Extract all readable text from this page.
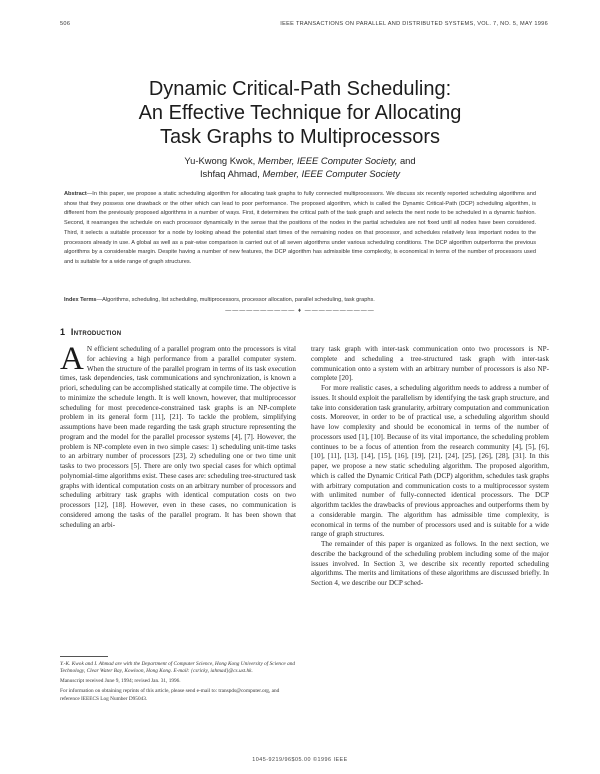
506	IEEE TRANSACTIONS ON PARALLEL AND DISTRIBUTED SYSTEMS, VOL. 7, NO. 5, MAY 1996
Dynamic Critical-Path Scheduling:
An Effective Technique for Allocating
Task Graphs to Multiprocessors
Yu-Kwong Kwok, Member, IEEE Computer Society, and
Ishfaq Ahmad, Member, IEEE Computer Society
Abstract—In this paper, we propose a static scheduling algorithm for allocating task graphs to fully connected multiprocessors. We discuss six recently reported scheduling algorithms and show that they possess one drawback or the other which can lead to poor performance. The proposed algorithm, which is called the Dynamic Critical-Path (DCP) scheduling algorithm, is different from the previously proposed algorithms in a number of ways. First, it determines the critical path of the task graph and selects the next node to be scheduled in a dynamic fashion. Second, it rearranges the schedule on each processor dynamically in the sense that the positions of the nodes in the partial schedules are not fixed until all nodes have been considered. Third, it selects a suitable processor for a node by looking ahead the potential start times of the remaining nodes on that processor, and schedules relatively less important nodes to the processors already in use. A global as well as a pair-wise comparison is carried out of all seven algorithms under various scheduling conditions. The DCP algorithm outperforms the previous algorithms by a considerable margin. Despite having a number of new features, the DCP algorithm has admissible time complexity, is economical in terms of the number of processors used and is suitable for a wide range of graph structures.
Index Terms—Algorithms, scheduling, list scheduling, multiprocessors, processor allocation, parallel scheduling, task graphs.
—————————— ♦ ——————————
1 Introduction

A N efficient scheduling of a parallel program onto the processors is vital for achieving a high performance from a parallel computer system. When the structure of the parallel program in terms of its task execution times, task dependencies, task communications and synchronization, is known a priori, scheduling can be accomplished statically at compile time. The objective is to minimize the schedule length. It is well known, however, that multiprocessor scheduling for most precedence-constrained task graphs is an NP-complete problem in its general form [11], [21]. To tackle the problem, simplifying assumptions have been made regarding the task graph structure representing the program and the model for the parallel processor systems [4], [7]. However, the problem is NP-complete even in two simple cases: 1) scheduling unit-time tasks to an arbitrary number of processors [23], 2) scheduling one or two time unit tasks to two processors [5]. There are only two special cases for which optimal polynomial-time algorithms exist. These cases are: scheduling tree-structured task graphs with identical computation costs on an arbitrary number of processors and scheduling arbitrary task graphs with identical computation costs on two processors [12], [18]. However, even in these cases, no communication is considered among the tasks of the parallel program. It has been shown that scheduling an arbi-

trary task graph with inter-task communication onto two processors is NP-complete and scheduling a tree-structured task graph with inter-task communication onto a system with an arbitrary number of processors is also NP-complete [20].

For more realistic cases, a scheduling algorithm needs to address a number of issues. It should exploit the parallelism by identifying the task graph structure, and take into consideration task granularity, arbitrary computation and communication costs. Moreover, in order to be of practical use, a scheduling algorithm should have low complexity and should be economical in terms of the number of processors used [1], [10]. Because of its vital importance, the scheduling problem continues to be a focus of attention from the research community [4], [5], [6], [10], [11], [13], [14], [15], [16], [19], [21], [24], [25], [26], [28], [31]. In this paper, we propose a new static scheduling algorithm. The proposed algorithm, which is called the Dynamic Critical Path (DCP) algorithm, schedules task graphs with arbitrary computation and communication costs to a multiprocessor system with unlimited number of fully-connected identical processors. The DCP algorithm tackles the drawbacks of previous approaches and outperforms them by a considerable margin. The algorithm has admissible time complexity, is economical in terms of the number of processors used and is suitable for a wide range of graph structures.

The remainder of this paper is organized as follows. In the next section, we describe the background of the scheduling problem including some of the major issues involved. In Section 3, we describe six recently reported scheduling algorithms. The merits and limitations of these algorithms are discussed briefly. In Section 4, we describe our DCP sched-

Y.-K. Kwok and I. Ahmad are with the Department of Computer Science, Hong Kong University of Science and Technology, Clear Water Bay, Kowloon, Hong Kong. E-mail: {csricky, iahmad}@cs.ust.hk.

Manuscript received June 9, 1994; revised Jan. 31, 1996.

For information on obtaining reprints of this article, please send e-mail to: transpds@computer.org, and reference IEEECS Log Number D95043.

1045-9219/96$05.00 ©1996 IEEE
